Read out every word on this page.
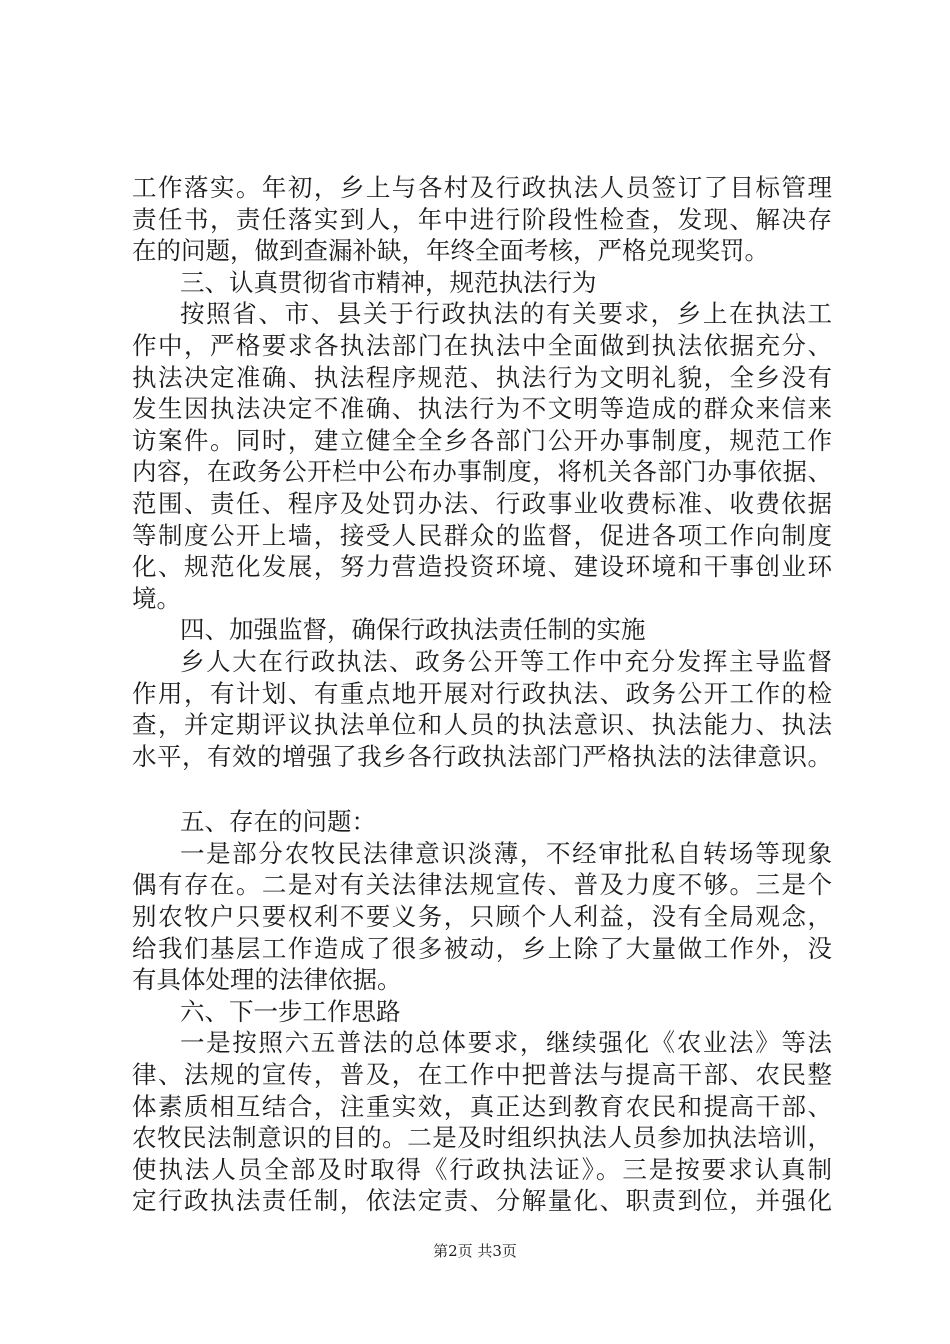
工作落实。年初，乡上与各村及行政执法人员签订了目标管理
责任书，责任落实到人，年中进行阶段性检查，发现、解决存
在的问题，做到查漏补缺，年终全面考核，严格兑现奖罚。
三、认真贯彻省市精神，规范执法行为
按照省、市、县关于行政执法的有关要求，乡上在执法工
作中，严格要求各执法部门在执法中全面做到执法依据充分、
执法决定准确、执法程序规范、执法行为文明礼貌，全乡没有
发生因执法决定不准确、执法行为不文明等造成的群众来信来
访案件。同时，建立健全全乡各部门公开办事制度，规范工作
内容，在政务公开栏中公布办事制度，将机关各部门办事依据、
范围、责任、程序及处罚办法、行政事业收费标准、收费依据
等制度公开上墙，接受人民群众的监督，促进各项工作向制度
化、规范化发展，努力营造投资环境、建设环境和干事创业环
境。
四、加强监督，确保行政执法责任制的实施
乡人大在行政执法、政务公开等工作中充分发挥主导监督
作用，有计划、有重点地开展对行政执法、政务公开工作的检
查，并定期评议执法单位和人员的执法意识、执法能力、执法
水平，有效的增强了我乡各行政执法部门严格执法的法律意识。
五、存在的问题：
一是部分农牧民法律意识淡薄，不经审批私自转场等现象
偶有存在。二是对有关法律法规宣传、普及力度不够。三是个
别农牧户只要权利不要义务，只顾个人利益，没有全局观念，
给我们基层工作造成了很多被动，乡上除了大量做工作外，没
有具体处理的法律依据。
六、下一步工作思路
一是按照六五普法的总体要求，继续强化《农业法》等法
律、法规的宣传，普及，在工作中把普法与提高干部、农民整
体素质相互结合，注重实效，真正达到教育农民和提高干部、
农牧民法制意识的目的。二是及时组织执法人员参加执法培训，
使执法人员全部及时取得《行政执法证》。三是按要求认真制
定行政执法责任制，依法定责、分解量化、职责到位，并强化
第2页 共3页
